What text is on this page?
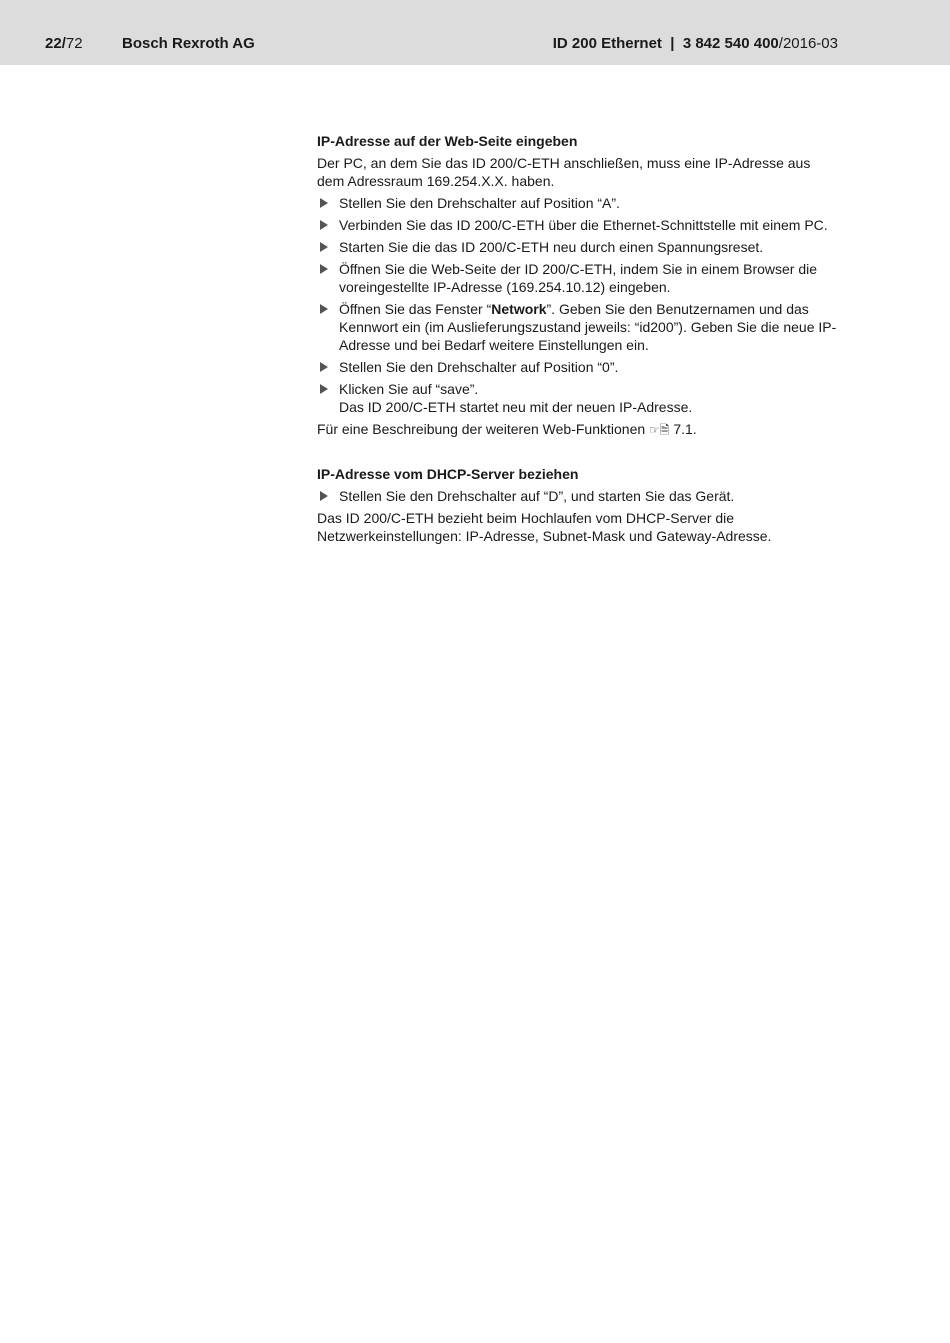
22/72	Bosch Rexroth AG	ID 200 Ethernet | 3 842 540 400/2016-03
IP-Adresse auf der Web-Seite eingeben

Der PC, an dem Sie das ID 200/C-ETH anschließen, muss eine IP-Adresse aus dem Adressraum 169.254.X.X. haben.

Stellen Sie den Drehschalter auf Position “A”.
Verbinden Sie das ID 200/C-ETH über die Ethernet-Schnittstelle mit einem PC.
Starten Sie die das ID 200/C-ETH neu durch einen Spannungsreset.
Öffnen Sie die Web-Seite der ID 200/C-ETH, indem Sie in einem Browser die voreingestellte IP-Adresse (169.254.10.12) eingeben.
Öffnen Sie das Fenster “Network”. Geben Sie den Benutzernamen und das Kennwort ein (im Auslieferungszustand jeweils: “id200”). Geben Sie die neue IP-Adresse und bei Bedarf weitere Einstellungen ein.
Stellen Sie den Drehschalter auf Position “0”.
Klicken Sie auf “save”.
Das ID 200/C-ETH startet neu mit der neuen IP-Adresse.

Für eine Beschreibung der weiteren Web-Funktionen ☞🗎 7.1.

IP-Adresse vom DHCP-Server beziehen
Stellen Sie den Drehschalter auf “D”, und starten Sie das Gerät.

Das ID 200/C-ETH bezieht beim Hochlaufen vom DHCP-Server die Netzwerkeinstellungen: IP-Adresse, Subnet-Mask und Gateway-Adresse.
